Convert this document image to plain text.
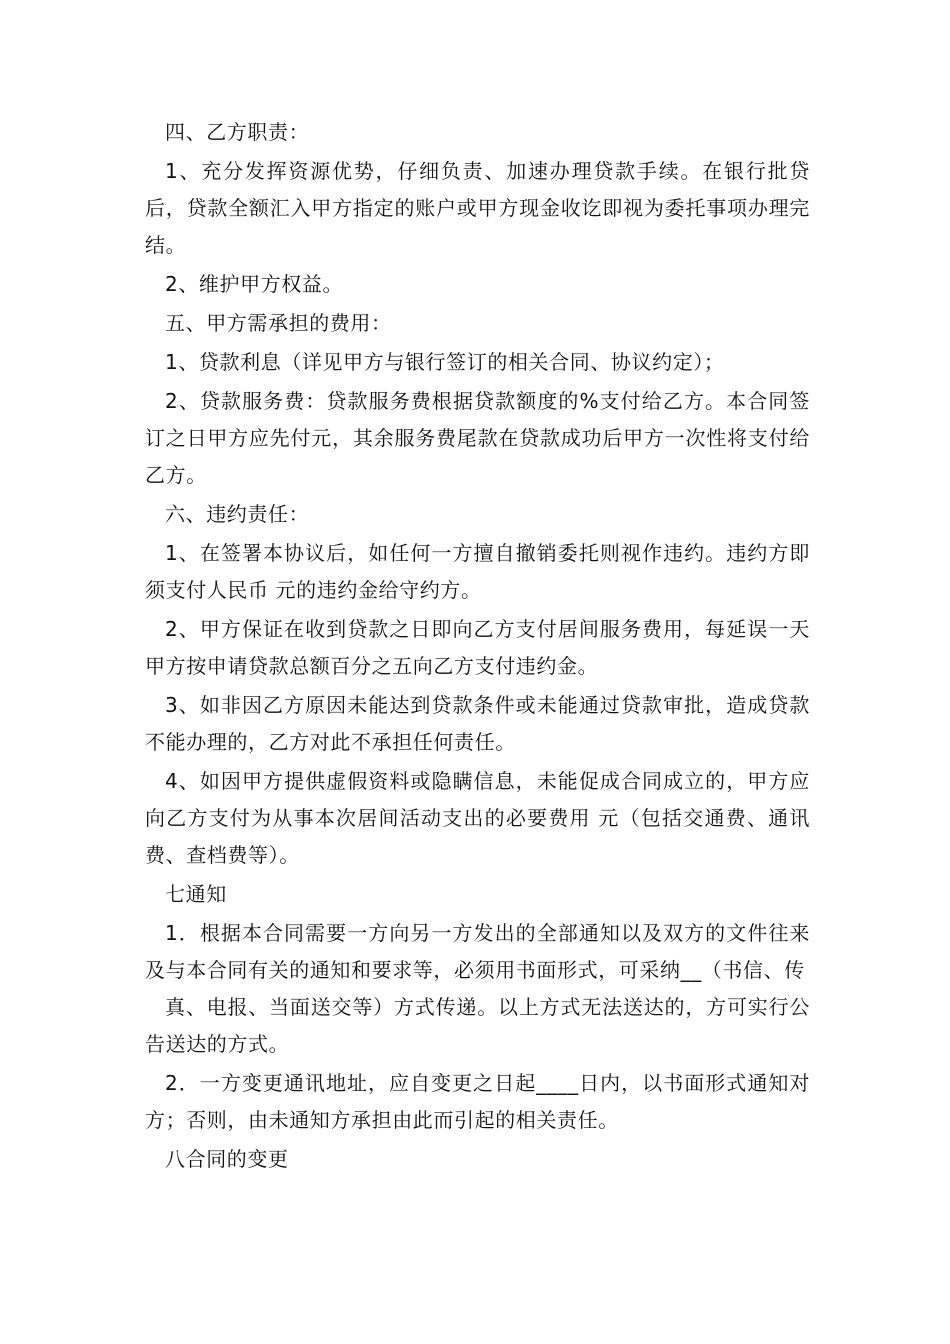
四、乙方职责：

1、充分发挥资源优势，仔细负责、加速办理贷款手续。在银行批贷后，贷款全额汇入甲方指定的账户或甲方现金收讫即视为委托事项办理完结。

2、维护甲方权益。

五、甲方需承担的费用：

1、贷款利息（详见甲方与银行签订的相关合同、协议约定）；

2、贷款服务费：贷款服务费根据贷款额度的%支付给乙方。本合同签订之日甲方应先付元，其余服务费尾款在贷款成功后甲方一次性将支付给乙方。

六、违约责任：

1、在签署本协议后，如任何一方擅自撤销委托则视作违约。违约方即须支付人民币 元的违约金给守约方。

2、甲方保证在收到贷款之日即向乙方支付居间服务费用，每延误一天甲方按申请贷款总额百分之五向乙方支付违约金。

3、如非因乙方原因未能达到贷款条件或未能通过贷款审批，造成贷款不能办理的，乙方对此不承担任何责任。

4、如因甲方提供虚假资料或隐瞒信息，未能促成合同成立的，甲方应向乙方支付为从事本次居间活动支出的必要费用 元（包括交通费、通讯费、查档费等）。

七通知

1．根据本合同需要一方向另一方发出的全部通知以及双方的文件往来及与本合同有关的通知和要求等，必须用书面形式，可采纳__（书信、传

真、电报、当面送交等）方式传递。以上方式无法送达的，方可实行公告送达的方式。

2．一方变更通讯地址，应自变更之日起____日内，以书面形式通知对方；否则，由未通知方承担由此而引起的相关责任。

八合同的变更
